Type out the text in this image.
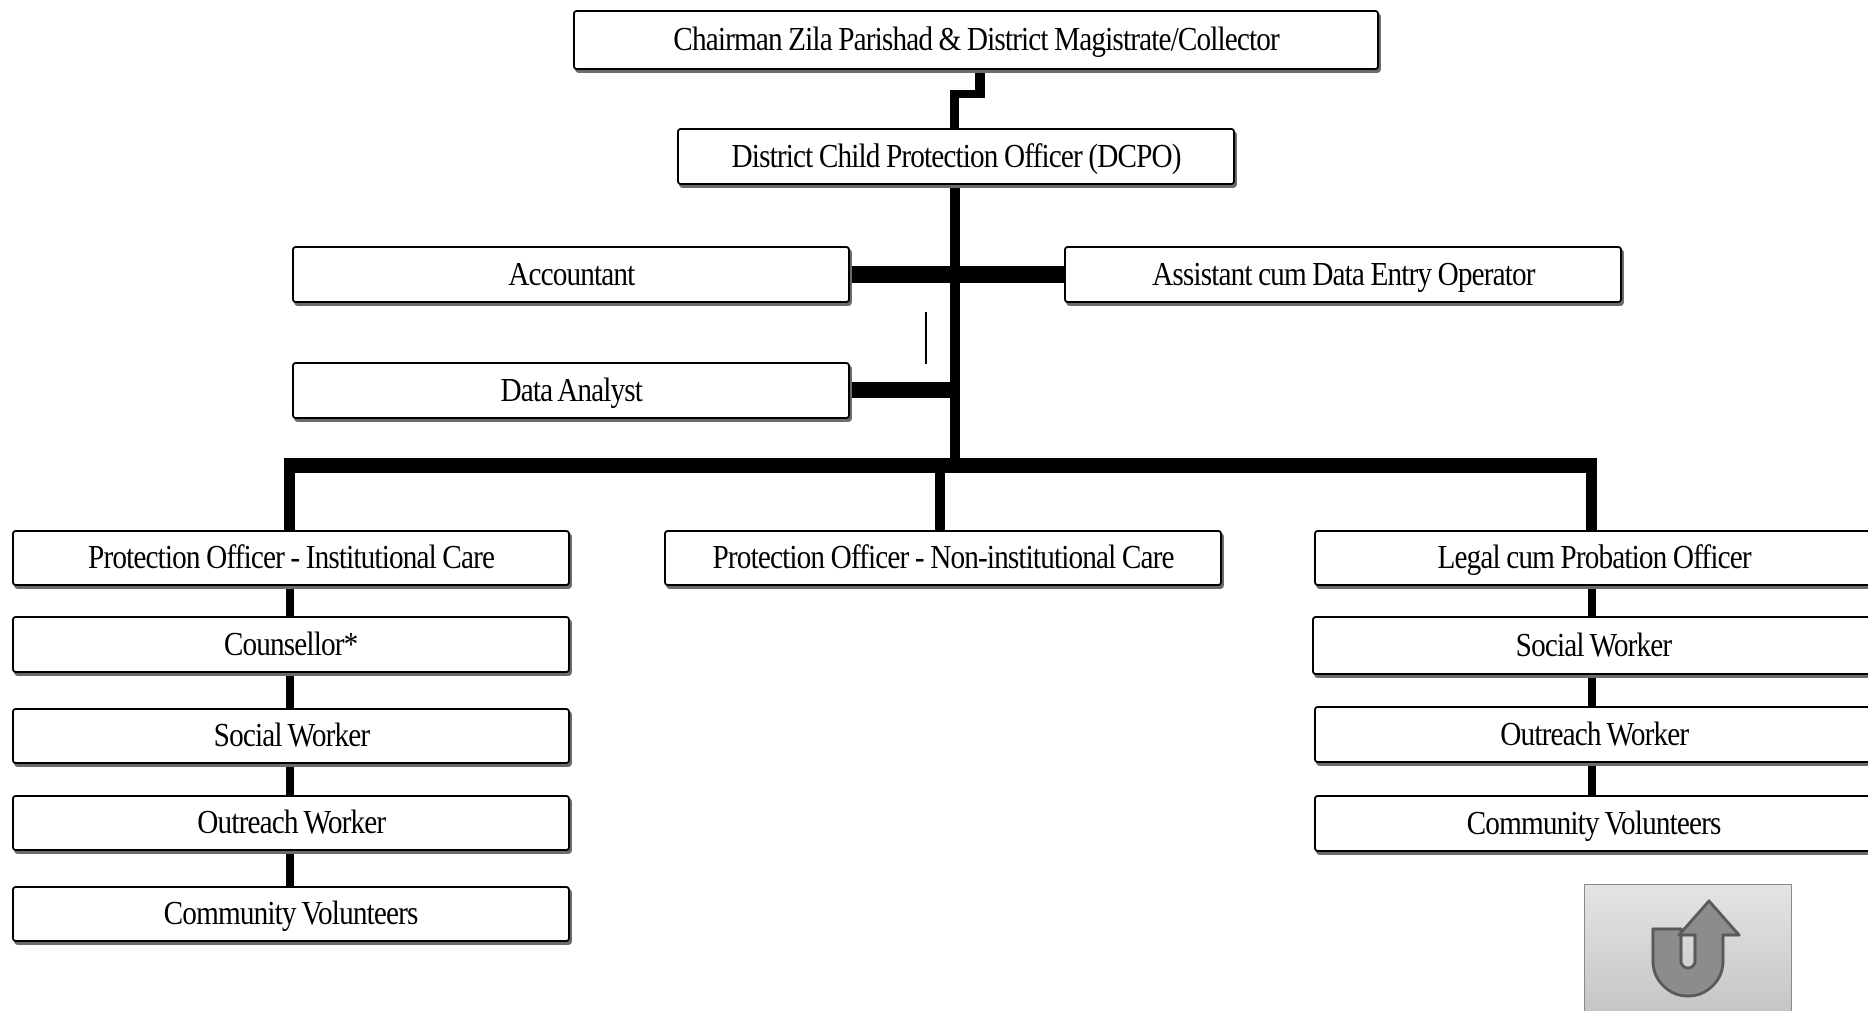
Chairman Zila Parishad & District Magistrate/Collector
District Child Protection Officer (DCPO)
Accountant	Assistant cum Data Entry Operator
Data Analyst
Protection Officer - Institutional Care	Protection Officer - Non-institutional Care	Legal cum Probation Officer
Counsellor*
Social Worker
Outreach Worker
Community Volunteers
Social Worker
Outreach Worker
Community Volunteers
